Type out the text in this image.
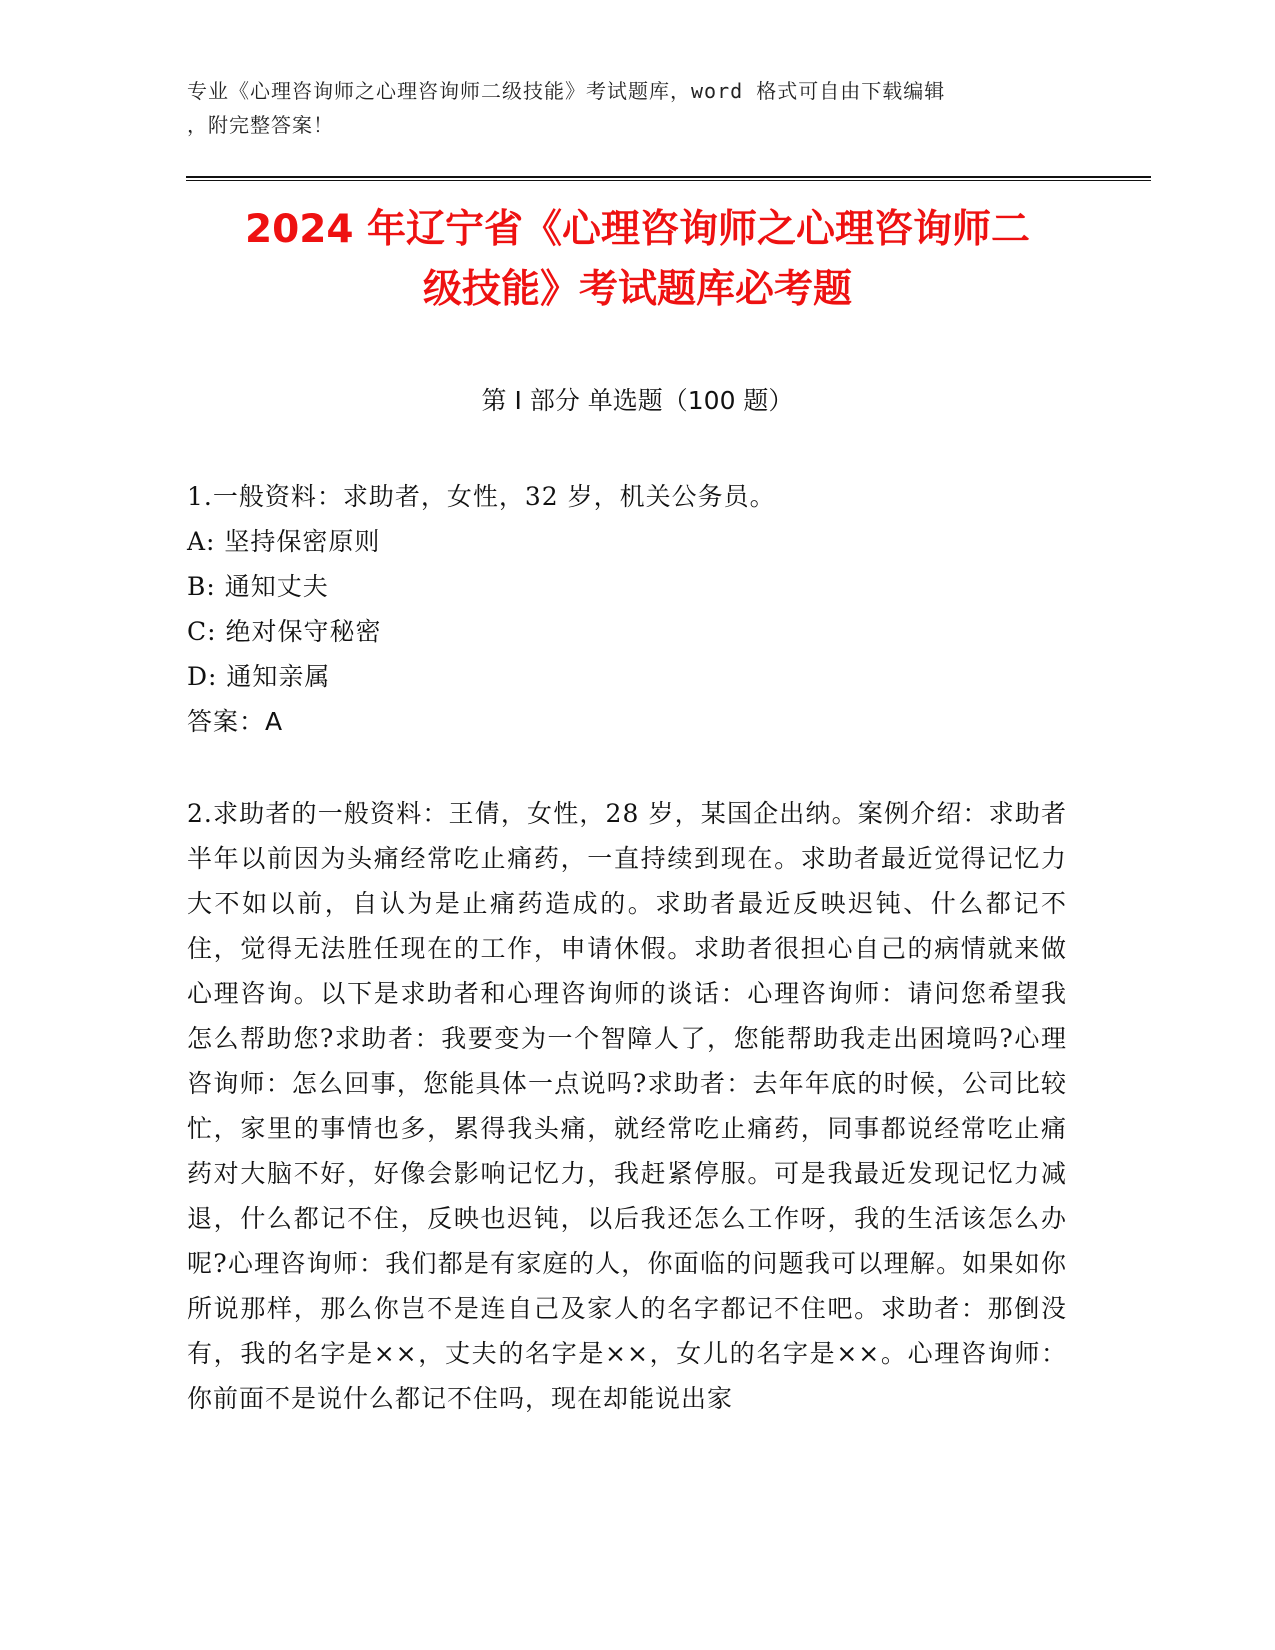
专业《心理咨询师之心理咨询师二级技能》考试题库，word 格式可自由下载编辑
，附完整答案！
2024 年辽宁省《心理咨询师之心理咨询师二
级技能》考试题库必考题
第 I 部分 单选题（100 题）
1.一般资料：求助者，女性，32 岁，机关公务员。
A: 坚持保密原则
B: 通知丈夫
C: 绝对保守秘密
D: 通知亲属
答案：A

2.求助者的一般资料：王倩，女性，28 岁，某国企出纳。案例介绍：求助者半年以前因为头痛经常吃止痛药，一直持续到现在。求助者最近觉得记忆力大不如以前，自认为是止痛药造成的。求助者最近反映迟钝、什么都记不住，觉得无法胜任现在的工作，申请休假。求助者很担心自己的病情就来做心理咨询。以下是求助者和心理咨询师的谈话：心理咨询师：请问您希望我怎么帮助您?求助者：我要变为一个智障人了，您能帮助我走出困境吗?心理咨询师：怎么回事，您能具体一点说吗?求助者：去年年底的时候，公司比较忙，家里的事情也多，累得我头痛，就经常吃止痛药，同事都说经常吃止痛药对大脑不好，好像会影响记忆力，我赶紧停服。可是我最近发现记忆力减退，什么都记不住，反映也迟钝，以后我还怎么工作呀，我的生活该怎么办呢?心理咨询师：我们都是有家庭的人，你面临的问题我可以理解。如果如你所说那样，那么你岂不是连自己及家人的名字都记不住吧。求助者：那倒没有，我的名字是××，丈夫的名字是××，女儿的名字是××。心理咨询师：你前面不是说什么都记不住吗，现在却能说出家
